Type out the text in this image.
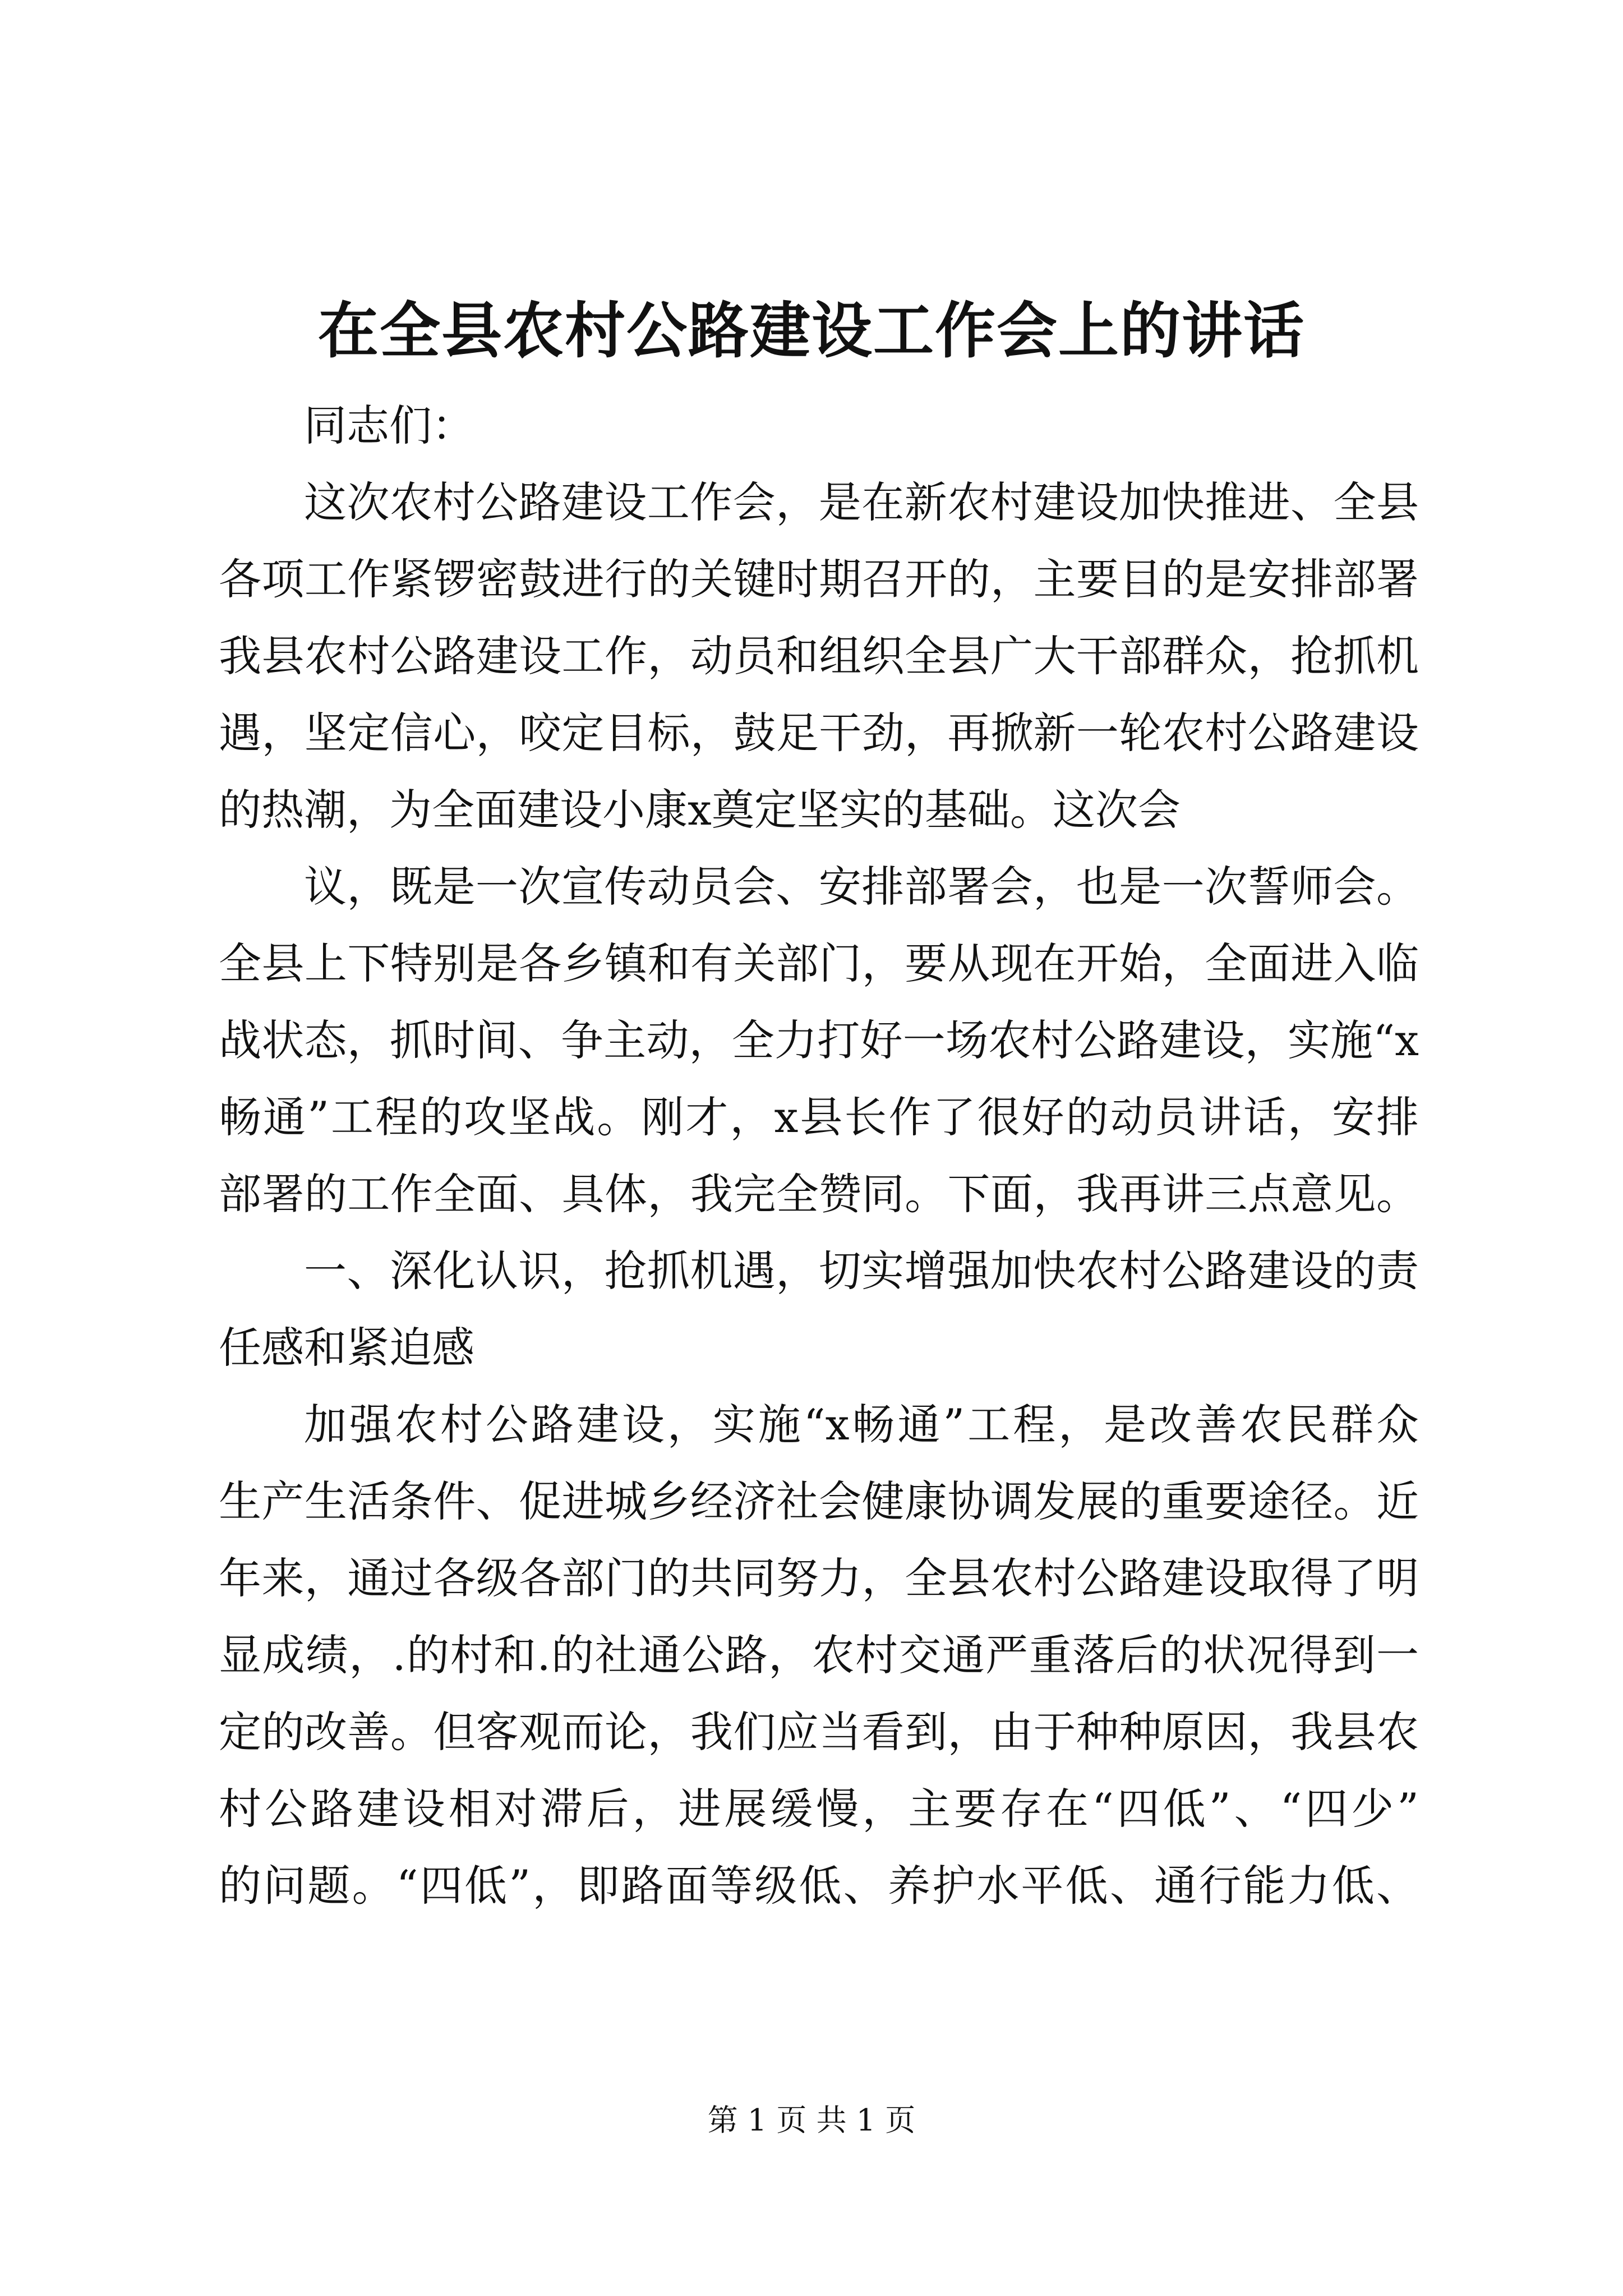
在全县农村公路建设工作会上的讲话
同志们：
这次农村公路建设工作会，是在新农村建设加快推进、全县
各项工作紧锣密鼓进行的关键时期召开的，主要目的是安排部署
我县农村公路建设工作，动员和组织全县广大干部群众，抢抓机
遇，坚定信心，咬定目标，鼓足干劲，再掀新一轮农村公路建设
的热潮，为全面建设小康x奠定坚实的基础。这次会
议，既是一次宣传动员会、安排部署会，也是一次誓师会。
全县上下特别是各乡镇和有关部门，要从现在开始，全面进入临
战状态，抓时间、争主动，全力打好一场农村公路建设，实施“x
畅通”工程的攻坚战。刚才，x县长作了很好的动员讲话，安排
部署的工作全面、具体，我完全赞同。下面，我再讲三点意见。
一、深化认识，抢抓机遇，切实增强加快农村公路建设的责
任感和紧迫感
加强农村公路建设，实施“x畅通”工程，是改善农民群众
生产生活条件、促进城乡经济社会健康协调发展的重要途径。近
年来，通过各级各部门的共同努力，全县农村公路建设取得了明
显成绩，.的村和.的社通公路，农村交通严重落后的状况得到一
定的改善。但客观而论，我们应当看到，由于种种原因，我县农
村公路建设相对滞后，进展缓慢，主要存在“四低”、“四少”
的问题。“四低”，即路面等级低、养护水平低、通行能力低、
第 1 页 共 1 页
